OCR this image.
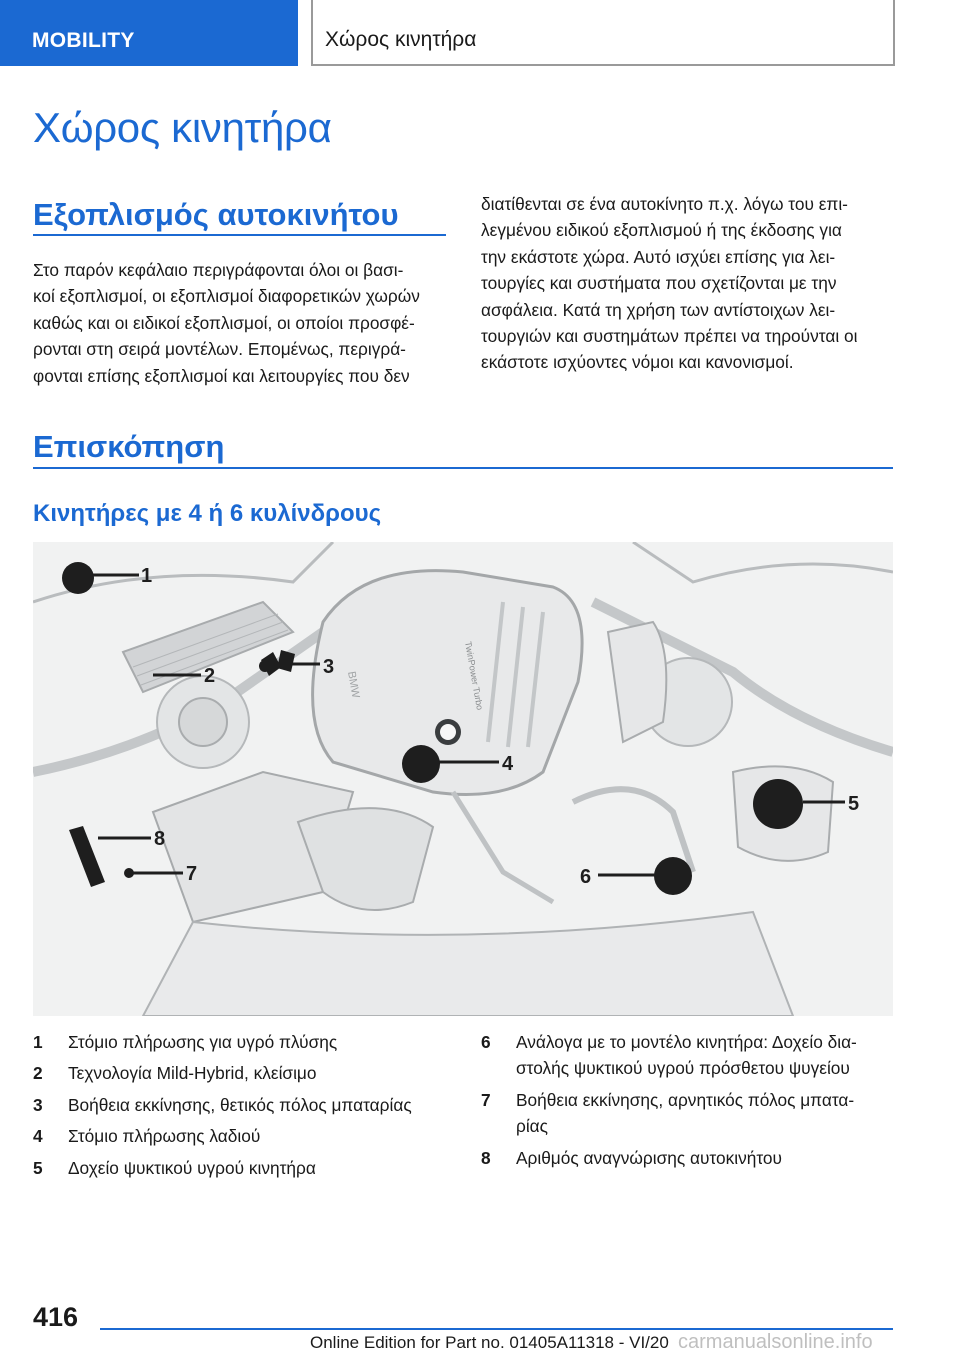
MOBILITY	Χώρος κινητήρα
Χώρος κινητήρα
Εξοπλισμός αυτοκινήτου
Στο παρόν κεφάλαιο περιγράφονται όλοι οι βασι-
κοί εξοπλισμοί, οι εξοπλισμοί διαφορετικών χωρών
καθώς και οι ειδικοί εξοπλισμοί, οι οποίοι προσφέ-
ρονται στη σειρά μοντέλων. Επομένως, περιγρά-
φονται επίσης εξοπλισμοί και λειτουργίες που δεν
διατίθενται σε ένα αυτοκίνητο π.χ. λόγω του επι-
λεγμένου ειδικού εξοπλισμού ή της έκδοσης για
την εκάστοτε χώρα. Αυτό ισχύει επίσης για λει-
τουργίες και συστήματα που σχετίζονται με την
ασφάλεια. Κατά τη χρήση των αντίστοιχων λει-
τουργιών και συστημάτων πρέπει να τηρούνται οι
εκάστοτε ισχύοντες νόμοι και κανονισμοί.
Επισκόπηση
Κινητήρες με 4 ή 6 κυλίνδρους
TwinPower Turbo
BMW
1
2	3
4
5
6
7
8
1 Στόμιο πλήρωσης για υγρό πλύσης
2 Τεχνολογία Mild-Hybrid, κλείσιμο
3 Βοήθεια εκκίνησης, θετικός πόλος μπαταρίας
4 Στόμιο πλήρωσης λαδιού
5 Δοχείο ψυκτικού υγρού κινητήρα
6 Ανάλογα με το μοντέλο κινητήρα: Δοχείο δια-
στολής ψυκτικού υγρού πρόσθετου ψυγείου
7 Βοήθεια εκκίνησης, αρνητικός πόλος μπατα-
ρίας
8 Αριθμός αναγνώρισης αυτοκινήτου
416
Online Edition for Part no. 01405A11318 - VI/20 carmanualsonline.info
